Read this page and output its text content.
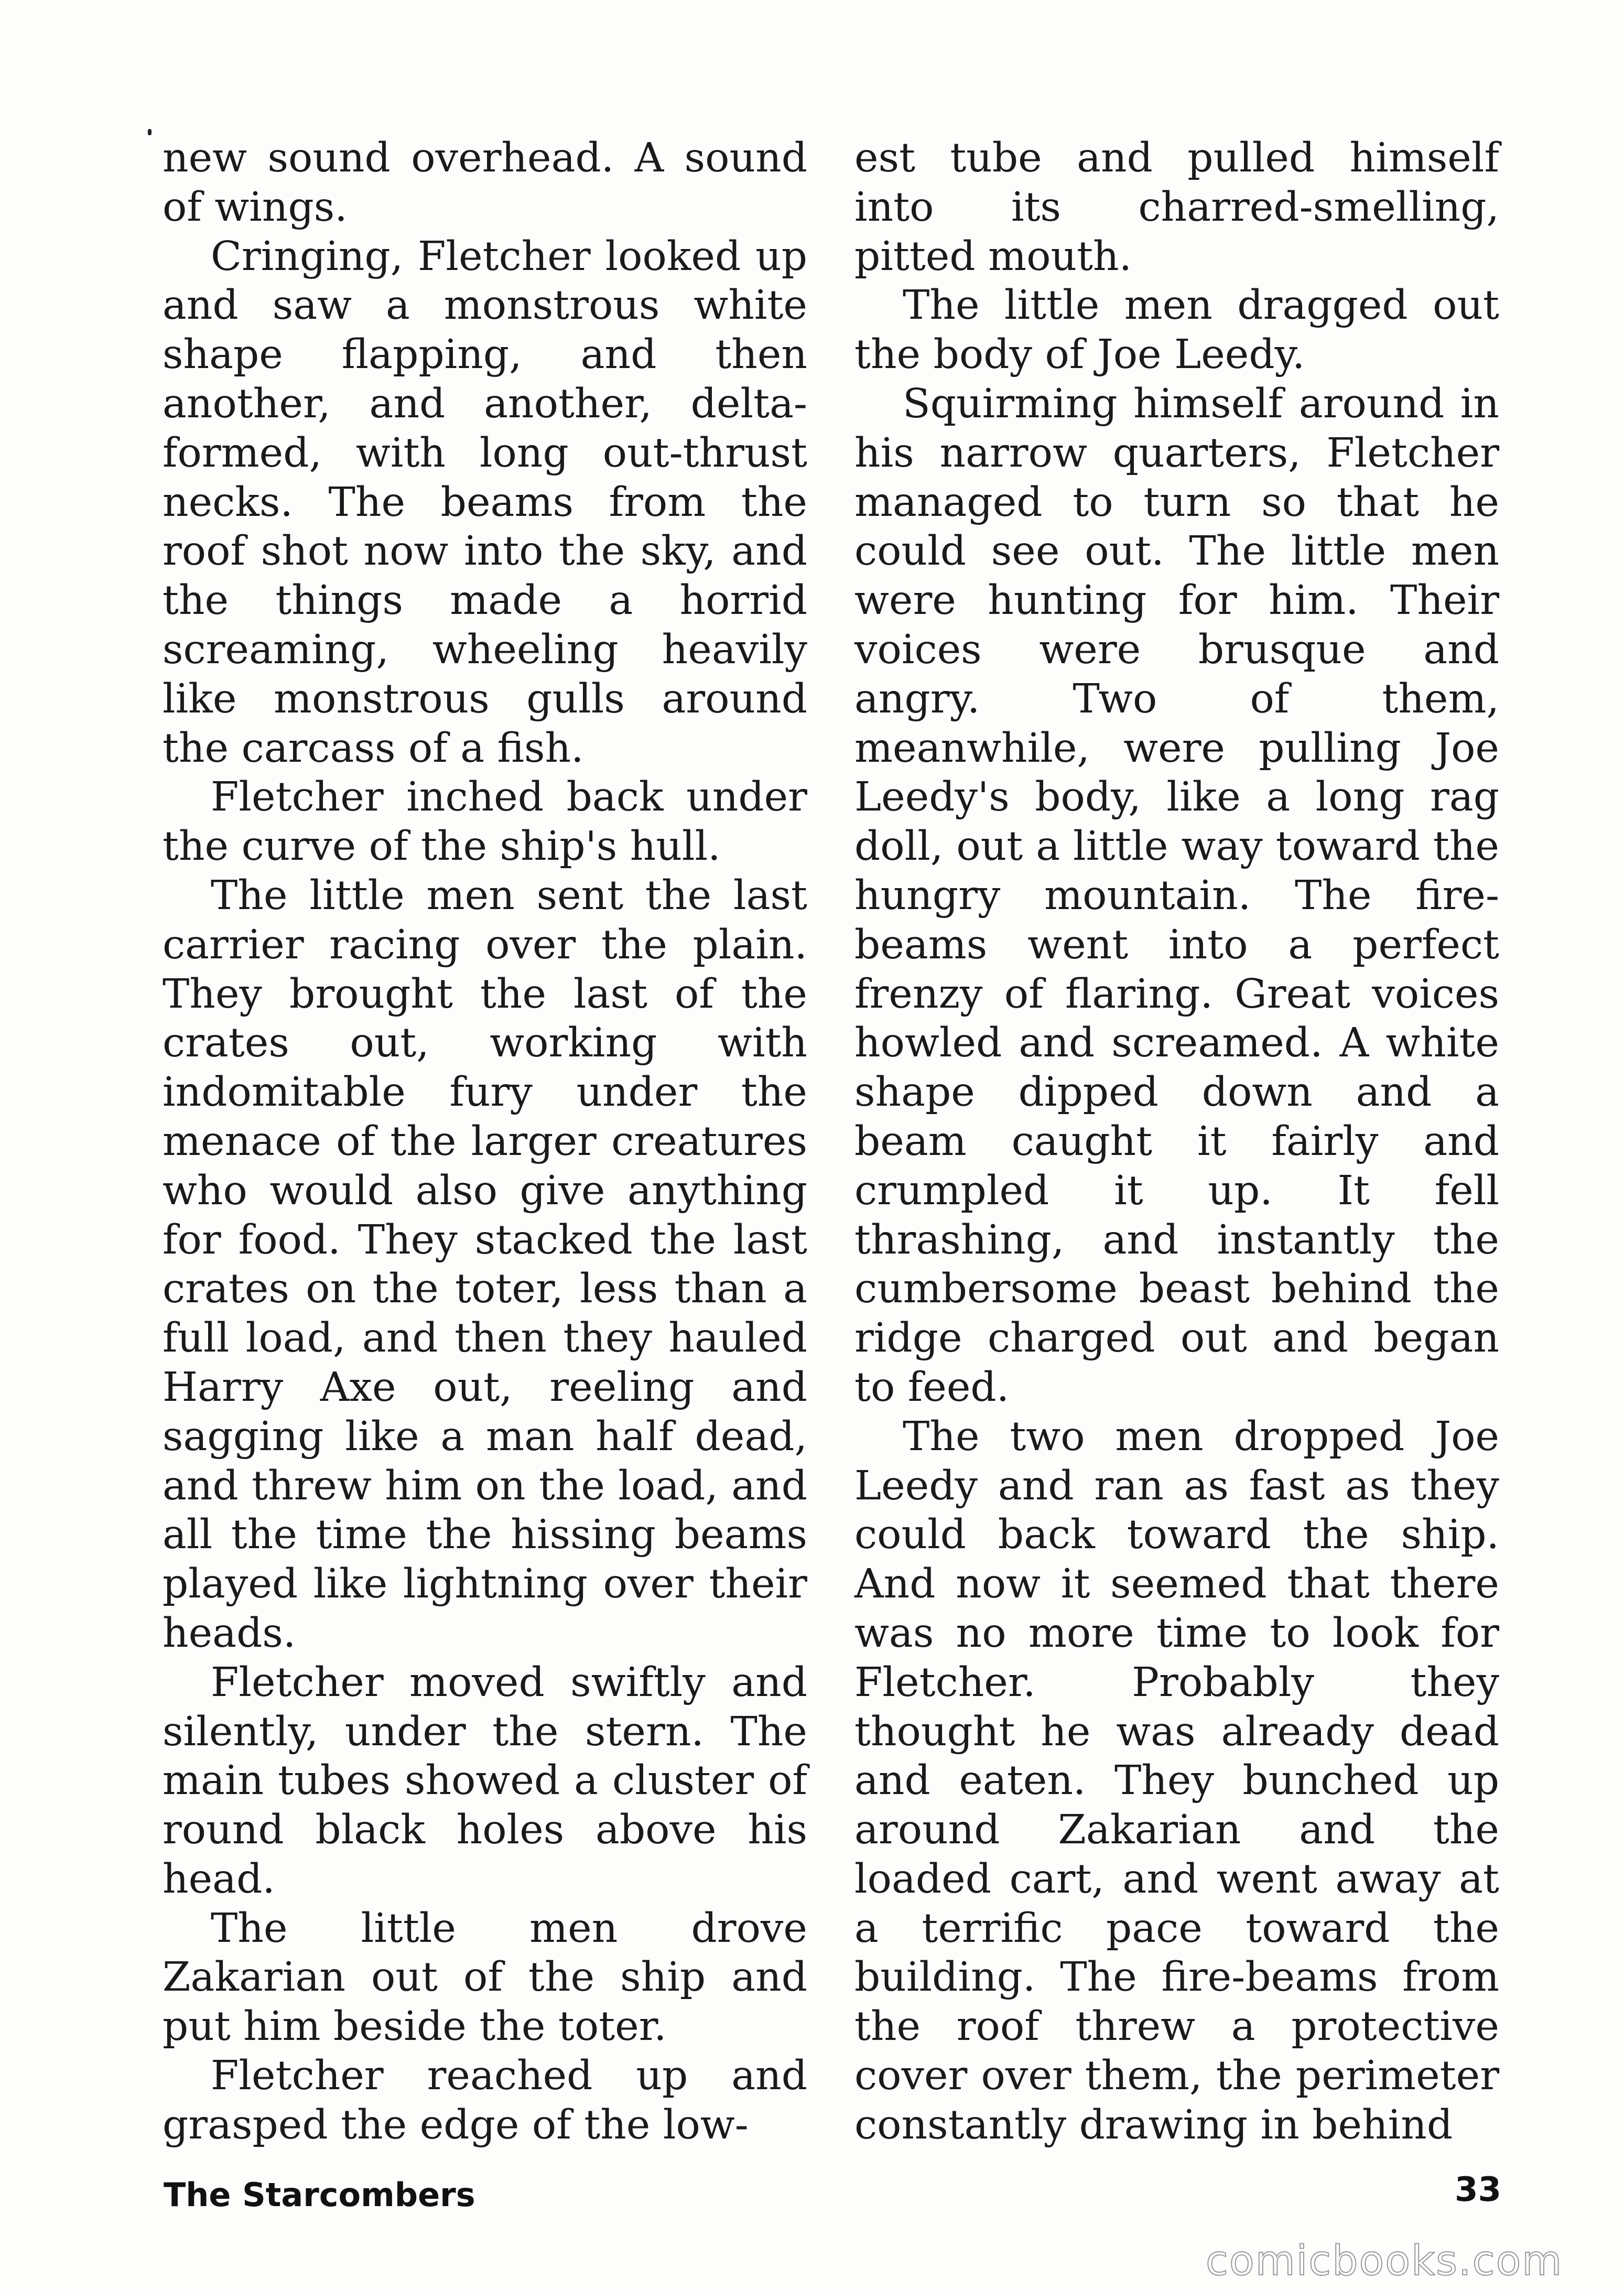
new sound overhead. A sound of wings.

Cringing, Fletcher looked up and saw a monstrous white shape flapping, and then another, and another, delta-formed, with long out-thrust necks. The beams from the roof shot now into the sky, and the things made a horrid screaming, wheeling heavily like monstrous gulls around the carcass of a fish.

Fletcher inched back under the curve of the ship's hull.

The little men sent the last carrier racing over the plain. They brought the last of the crates out, working with indomitable fury under the menace of the larger creatures who would also give anything for food. They stacked the last crates on the toter, less than a full load, and then they hauled Harry Axe out, reeling and sagging like a man half dead, and threw him on the load, and all the time the hissing beams played like lightning over their heads.

Fletcher moved swiftly and silently, under the stern. The main tubes showed a cluster of round black holes above his head.

The little men drove Zakarian out of the ship and put him beside the toter.

Fletcher reached up and grasped the edge of the low-

est tube and pulled himself into its charred-smelling, pitted mouth.

The little men dragged out the body of Joe Leedy.

Squirming himself around in his narrow quarters, Fletcher managed to turn so that he could see out. The little men were hunting for him. Their voices were brusque and angry. Two of them, meanwhile, were pulling Joe Leedy's body, like a long rag doll, out a little way toward the hungry mountain. The fire-beams went into a perfect frenzy of flaring. Great voices howled and screamed. A white shape dipped down and a beam caught it fairly and crumpled it up. It fell thrashing, and instantly the cumbersome beast behind the ridge charged out and began to feed.

The two men dropped Joe Leedy and ran as fast as they could back toward the ship. And now it seemed that there was no more time to look for Fletcher. Probably they thought he was already dead and eaten. They bunched up around Zakarian and the loaded cart, and went away at a terrific pace toward the building. The fire-beams from the roof threw a protective cover over them, the perimeter constantly drawing in behind

The Starcombers	33
comicbooks.com
